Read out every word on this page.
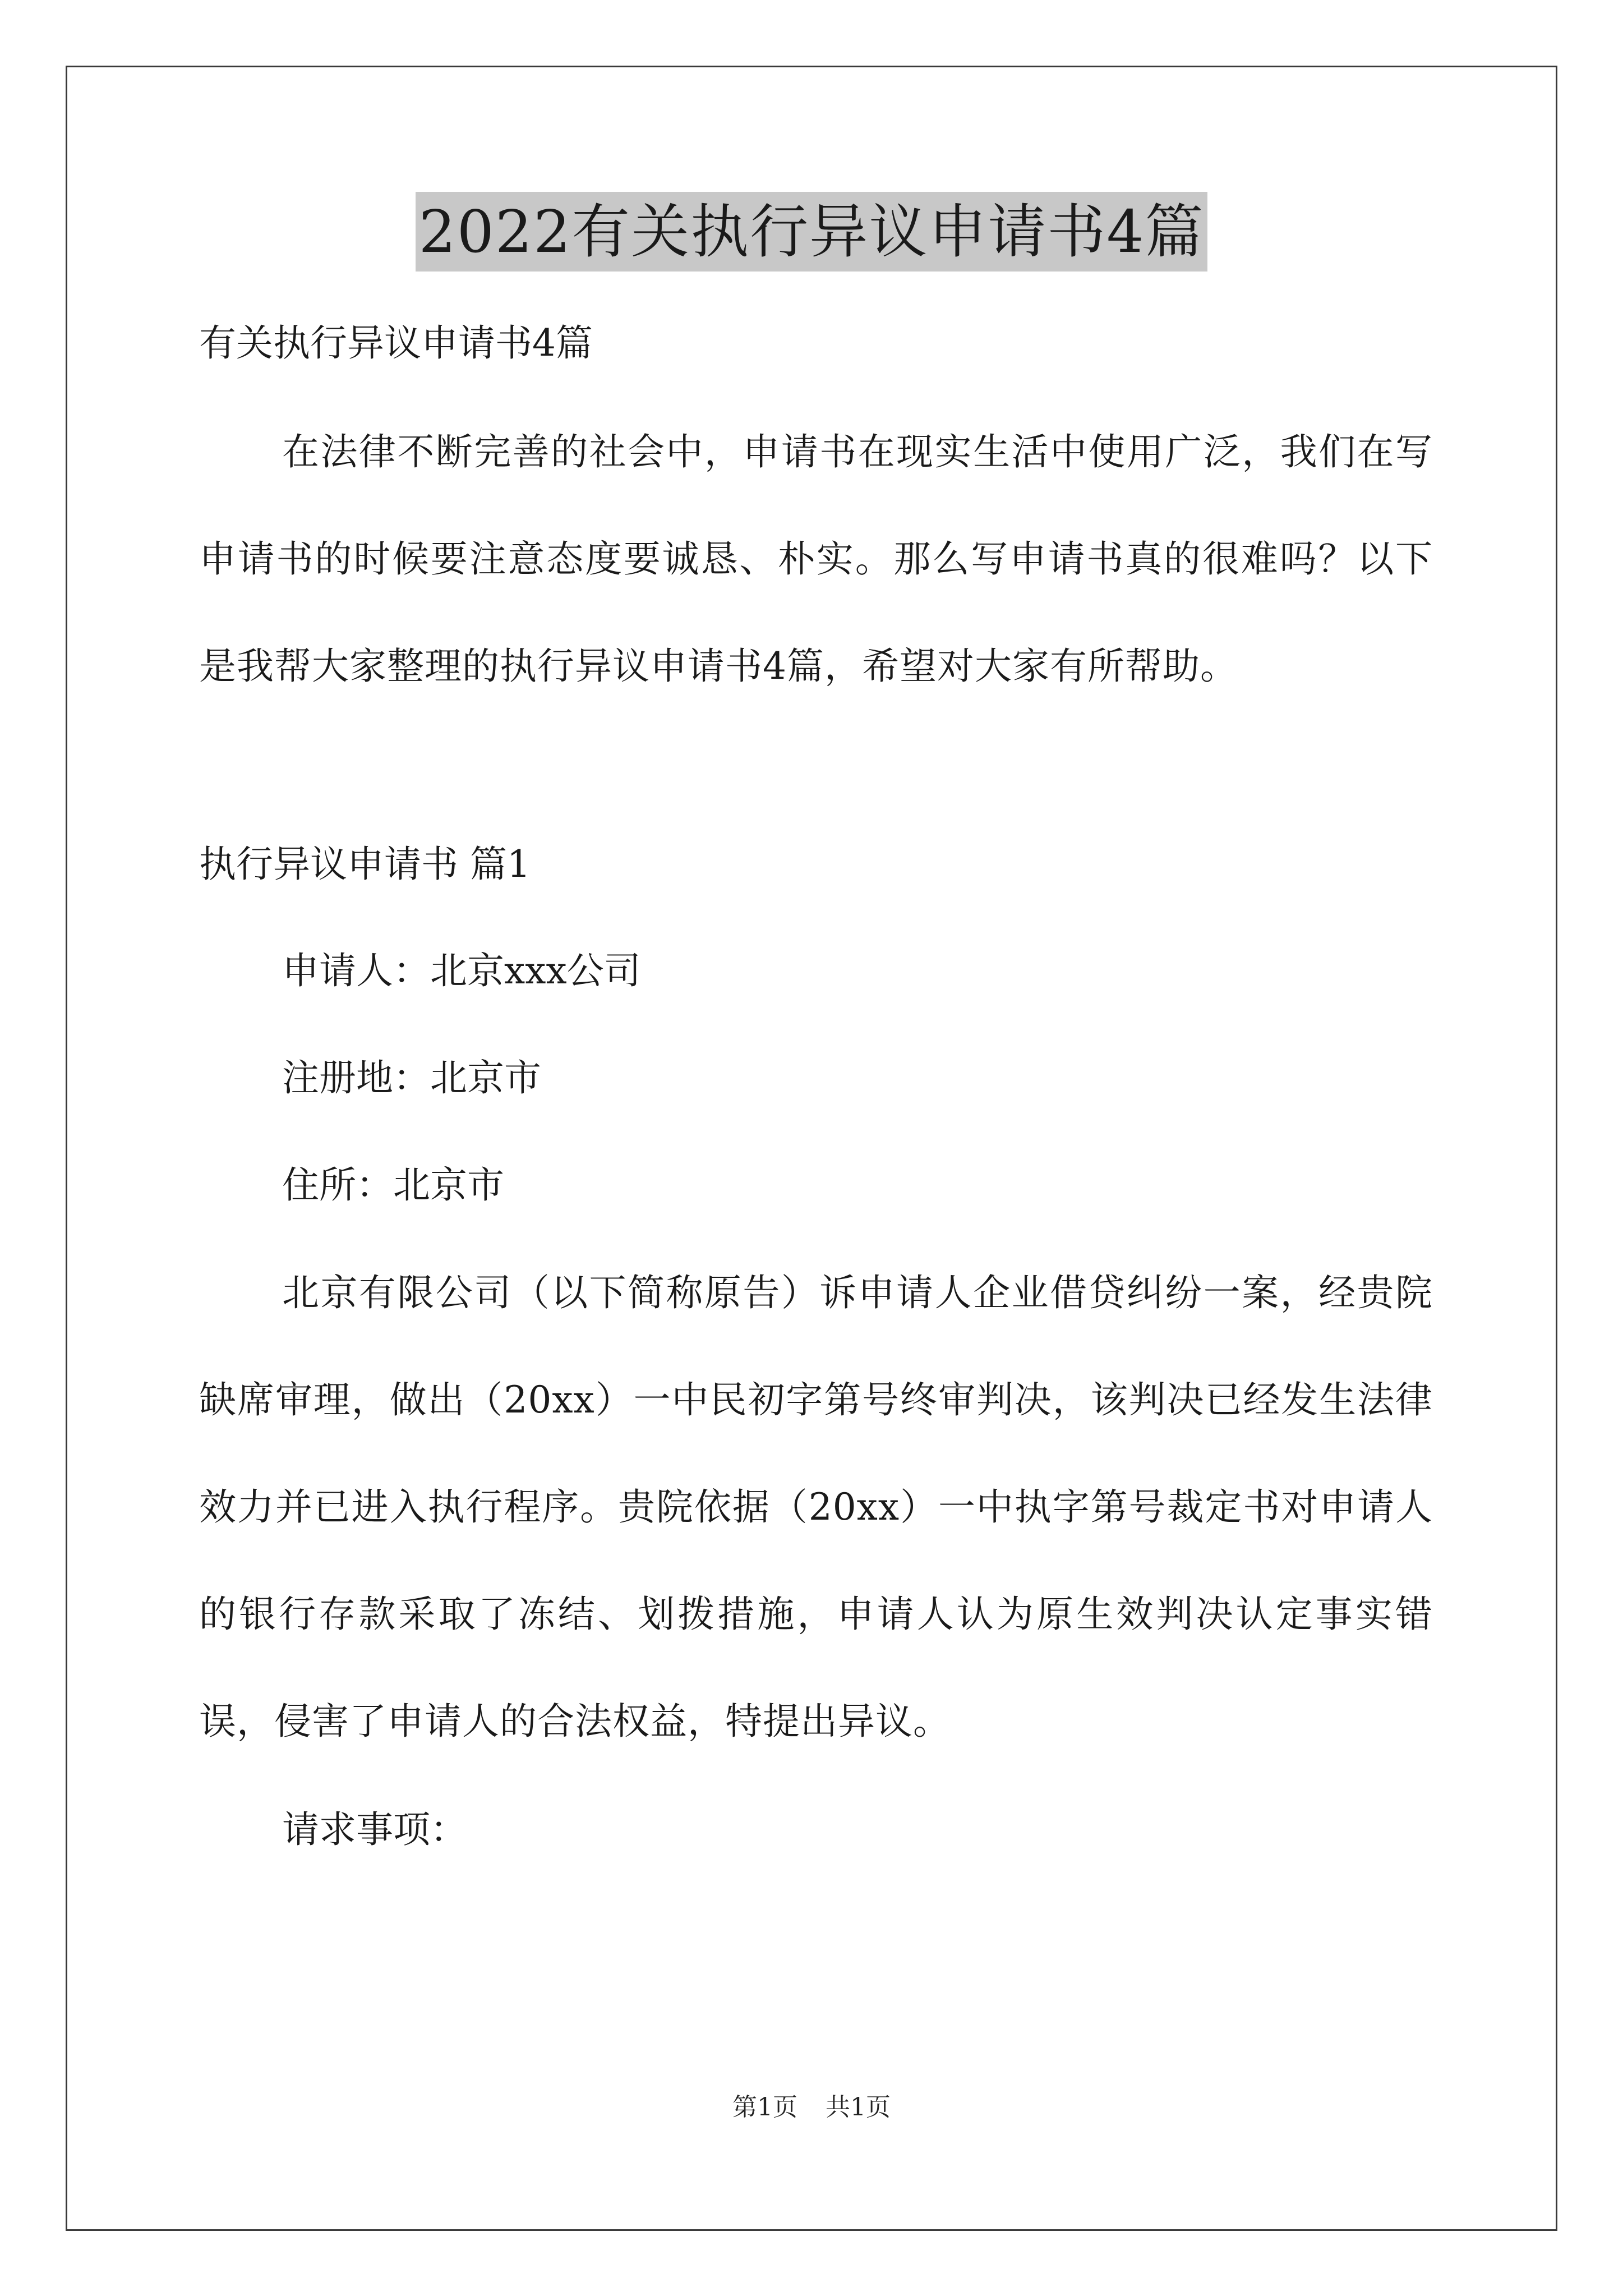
2022有关执行异议申请书4篇

有关执行异议申请书4篇

在法律不断完善的社会中，申请书在现实生活中使用广泛，我们在写申请书的时候要注意态度要诚恳、朴实。那么写申请书真的很难吗？以下是我帮大家整理的执行异议申请书4篇，希望对大家有所帮助。

执行异议申请书 篇1

申请人：北京xxx公司

注册地：北京市

住所：北京市

北京有限公司（以下简称原告）诉申请人企业借贷纠纷一案，经贵院缺席审理，做出（20xx）一中民初字第号终审判决，该判决已经发生法律效力并已进入执行程序。贵院依据（20xx）一中执字第号裁定书对申请人的银行存款采取了冻结、划拨措施，申请人认为原生效判决认定事实错误，侵害了申请人的合法权益，特提出异议。

请求事项：

第1页 共1页
